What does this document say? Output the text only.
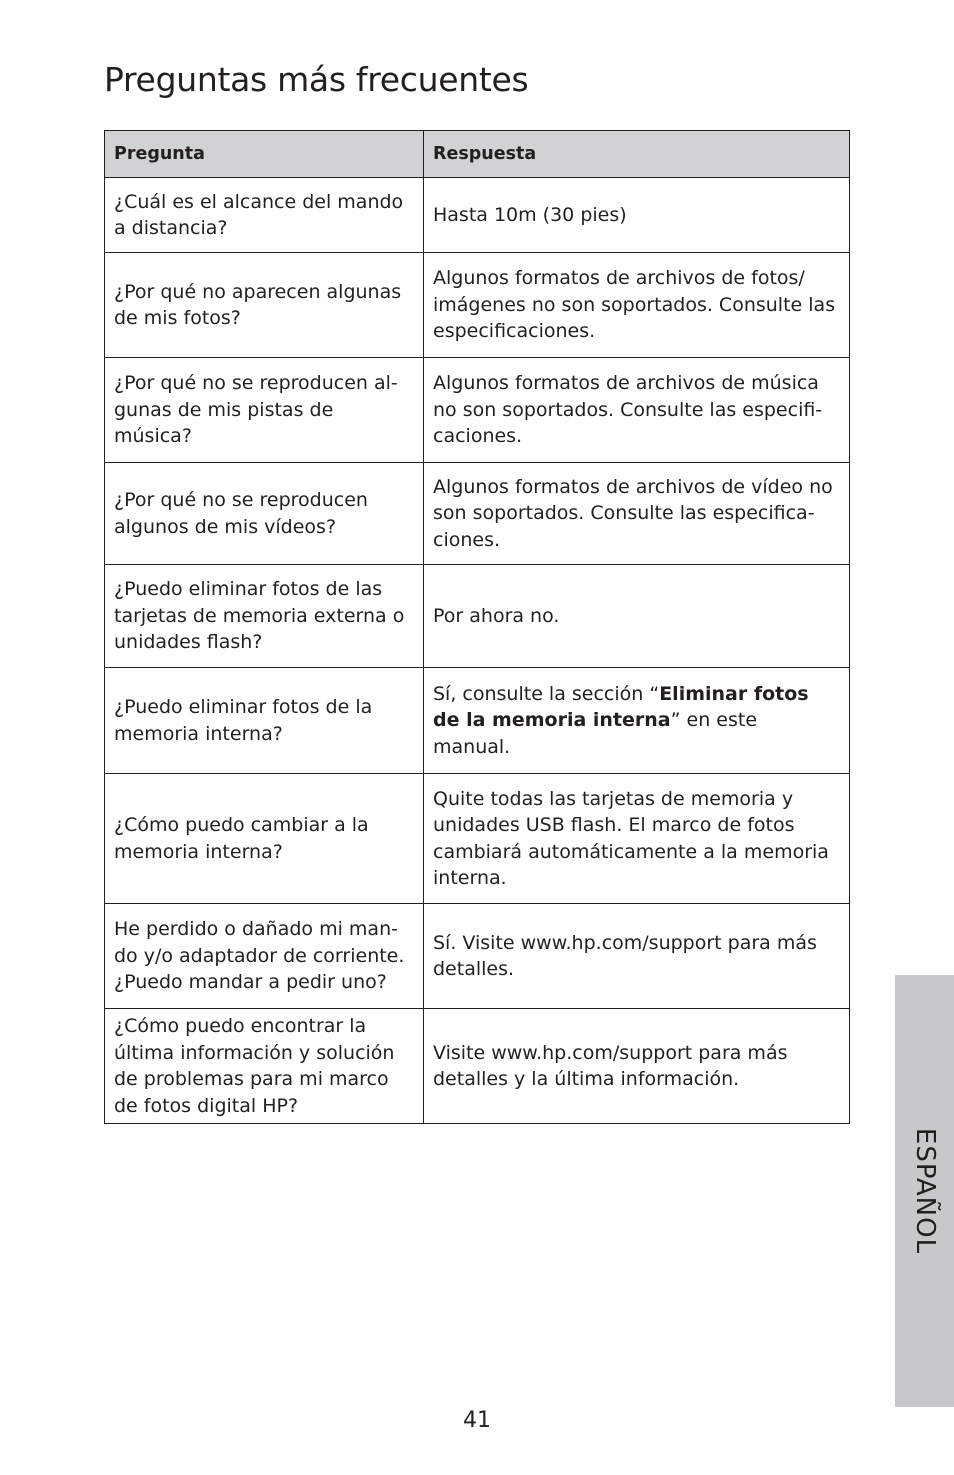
Preguntas más frecuentes
Pregunta	Respuesta
¿Cuál es el alcance del mando a distancia?	Hasta 10m (30 pies)
¿Por qué no aparecen algunas de mis fotos?	Algunos formatos de archivos de fotos/ imágenes no son soportados. Consulte las especificaciones.
¿Por qué no se reproducen al-gunas de mis pistas de música?	Algunos formatos de archivos de música no son soportados. Consulte las especifi-caciones.
¿Por qué no se reproducen algunos de mis vídeos?	Algunos formatos de archivos de vídeo no son soportados. Consulte las especifica-ciones.
¿Puedo eliminar fotos de las tarjetas de memoria externa o unidades flash?	Por ahora no.
¿Puedo eliminar fotos de la memoria interna?	Sí, consulte la sección “Eliminar fotos de la memoria interna” en este manual.
¿Cómo puedo cambiar a la memoria interna?	Quite todas las tarjetas de memoria y unidades USB flash. El marco de fotos cambiará automáticamente a la memoria interna.
He perdido o dañado mi man-do y/o adaptador de corriente. ¿Puedo mandar a pedir uno?	Sí. Visite www.hp.com/support para más detalles.
¿Cómo puedo encontrar la última información y solución de problemas para mi marco de fotos digital HP?	Visite www.hp.com/support para más detalles y la última información.
ESPAÑOL
41
